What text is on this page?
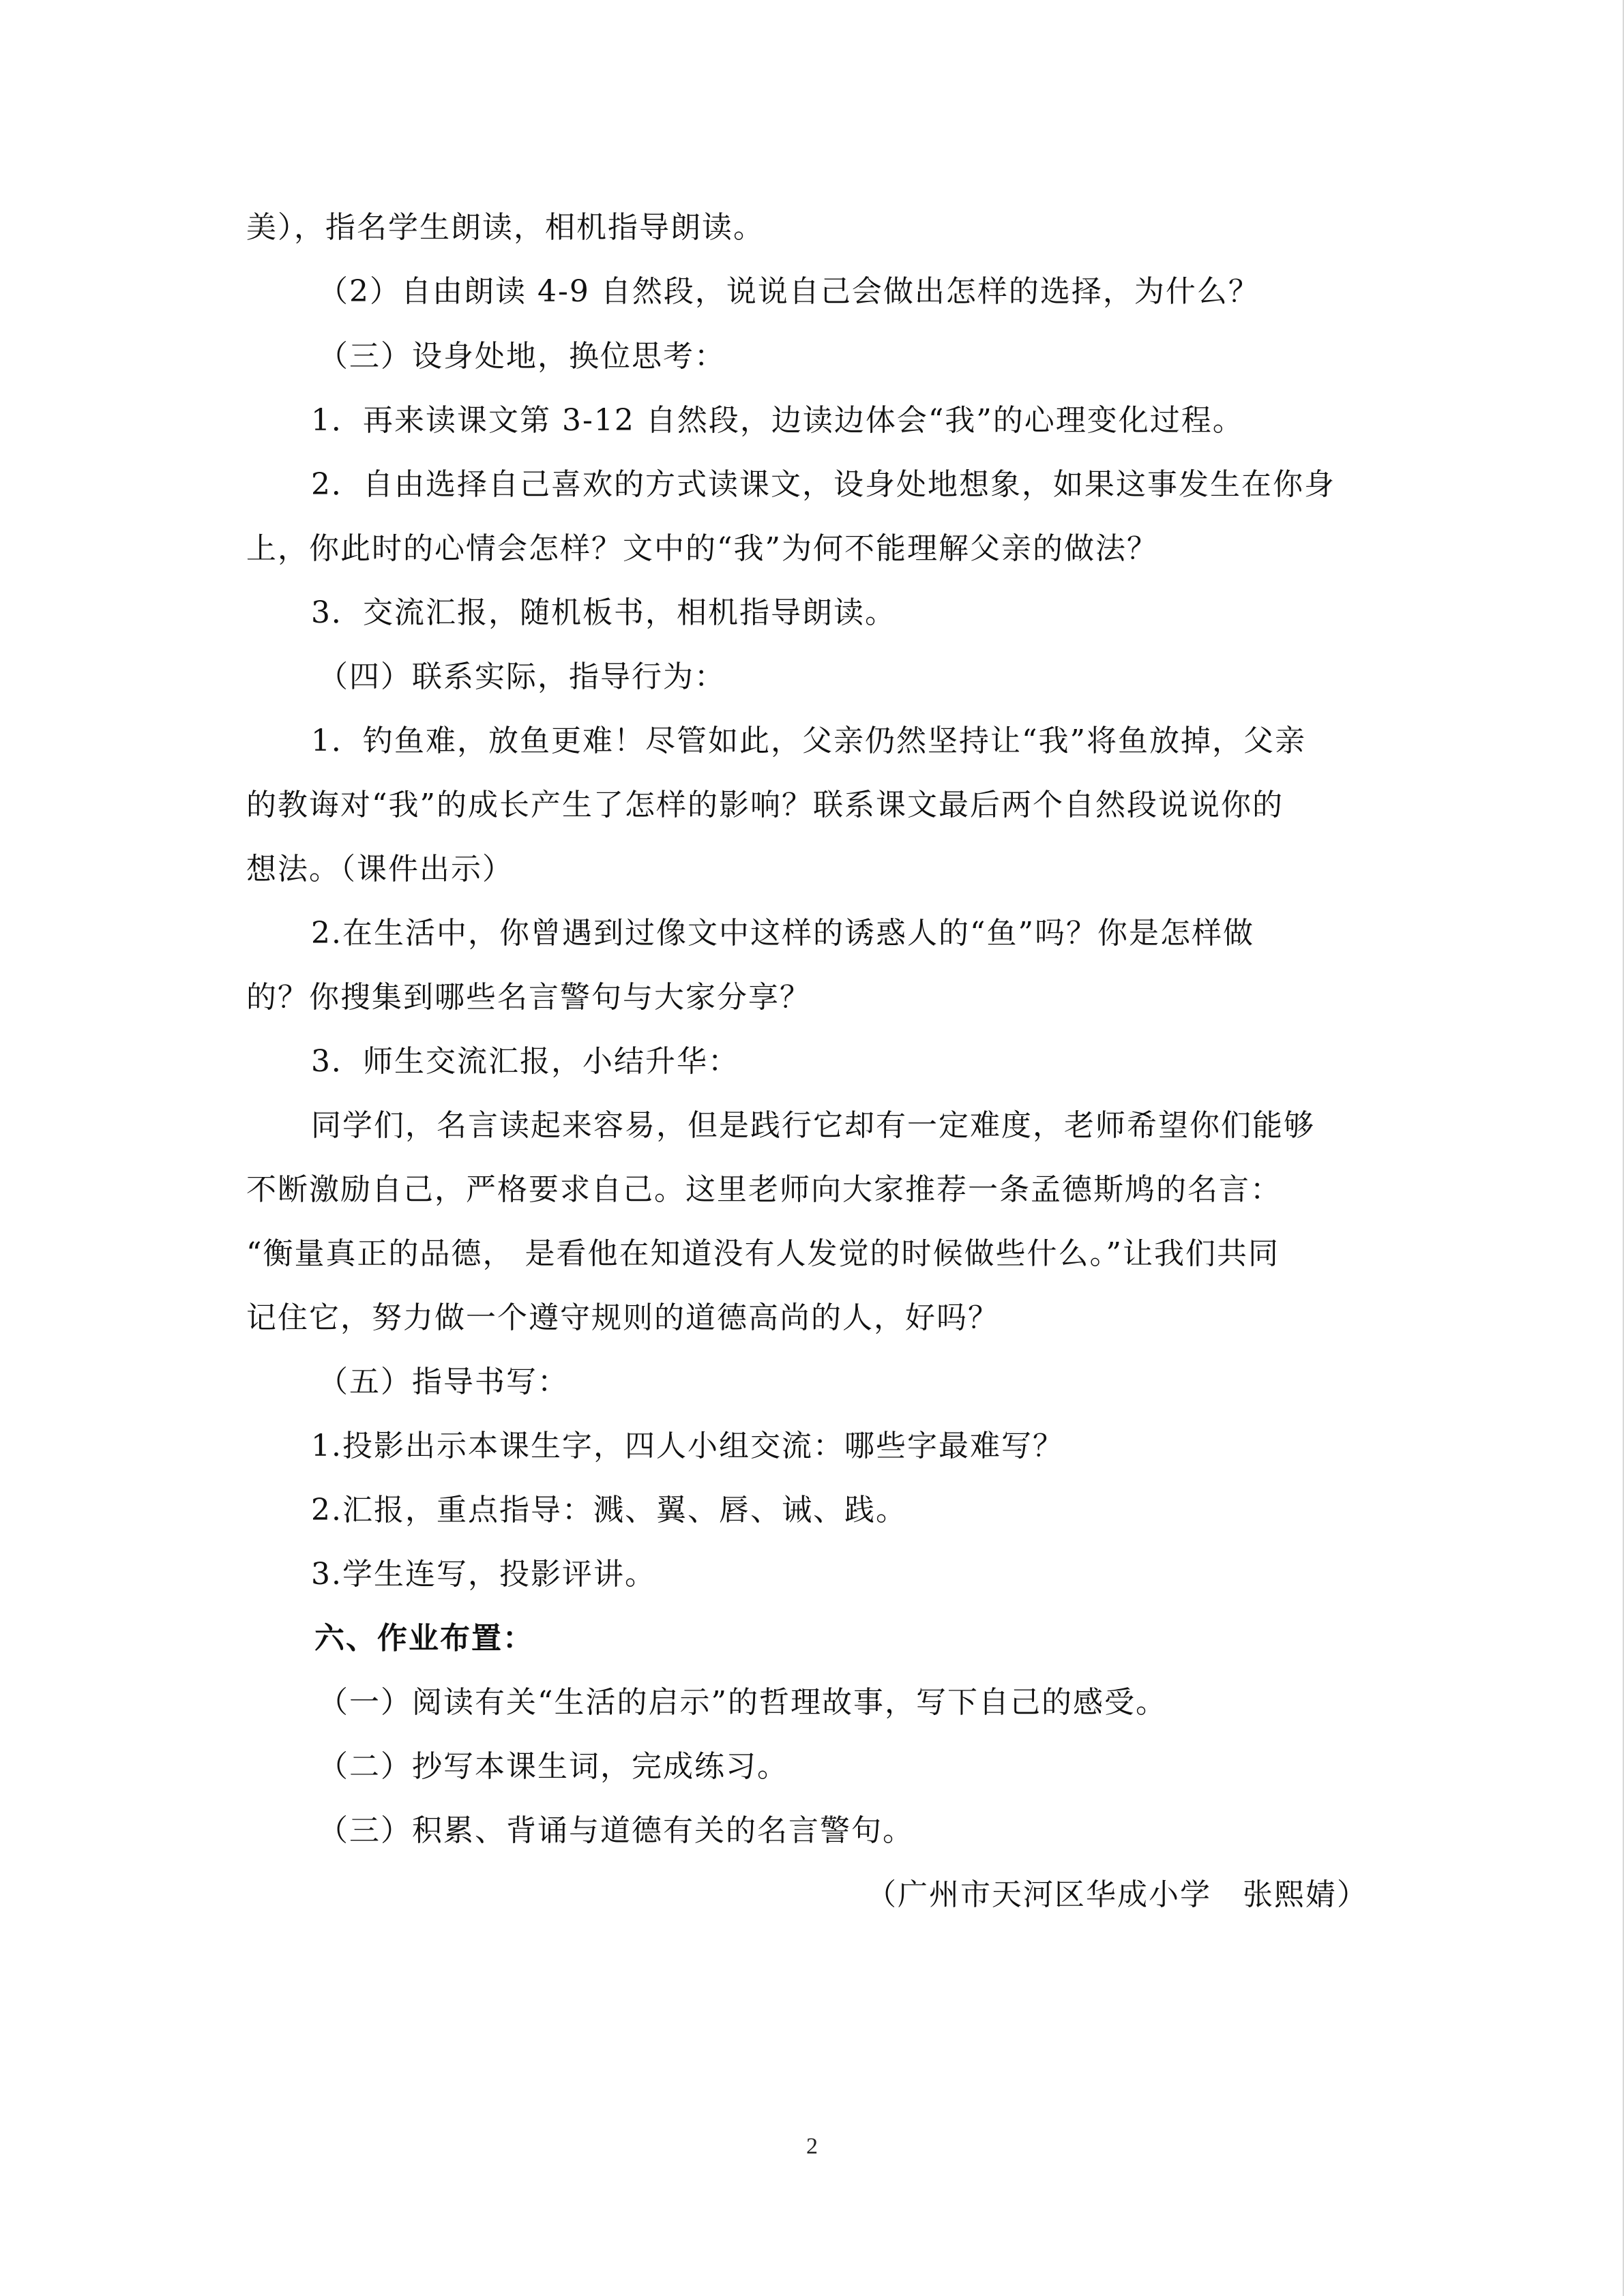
美），指名学生朗读，相机指导朗读。
（2）自由朗读 4-9 自然段，说说自己会做出怎样的选择，为什么？
（三）设身处地，换位思考：
1．再来读课文第 3-12 自然段，边读边体会“我”的心理变化过程。
2．自由选择自己喜欢的方式读课文，设身处地想象，如果这事发生在你身
上，你此时的心情会怎样？文中的“我”为何不能理解父亲的做法？
3．交流汇报，随机板书，相机指导朗读。
（四）联系实际，指导行为：
1．钓鱼难，放鱼更难！尽管如此，父亲仍然坚持让“我”将鱼放掉，父亲
的教诲对“我”的成长产生了怎样的影响？联系课文最后两个自然段说说你的
想法。（课件出示）
2.在生活中，你曾遇到过像文中这样的诱惑人的“鱼”吗？你是怎样做
的？你搜集到哪些名言警句与大家分享？
3．师生交流汇报，小结升华：
同学们，名言读起来容易，但是践行它却有一定难度，老师希望你们能够
不断激励自己，严格要求自己。这里老师向大家推荐一条孟德斯鸠的名言：
“衡量真正的品德， 是看他在知道没有人发觉的时候做些什么。”让我们共同
记住它，努力做一个遵守规则的道德高尚的人，好吗？
（五）指导书写：
1.投影出示本课生字，四人小组交流：哪些字最难写？
2.汇报，重点指导：溅、翼、唇、诫、践。
3.学生连写，投影评讲。
六、作业布置：
（一）阅读有关“生活的启示”的哲理故事，写下自己的感受。
（二）抄写本课生词，完成练习。
（三）积累、背诵与道德有关的名言警句。
（广州市天河区华成小学　张熙婧）
2
